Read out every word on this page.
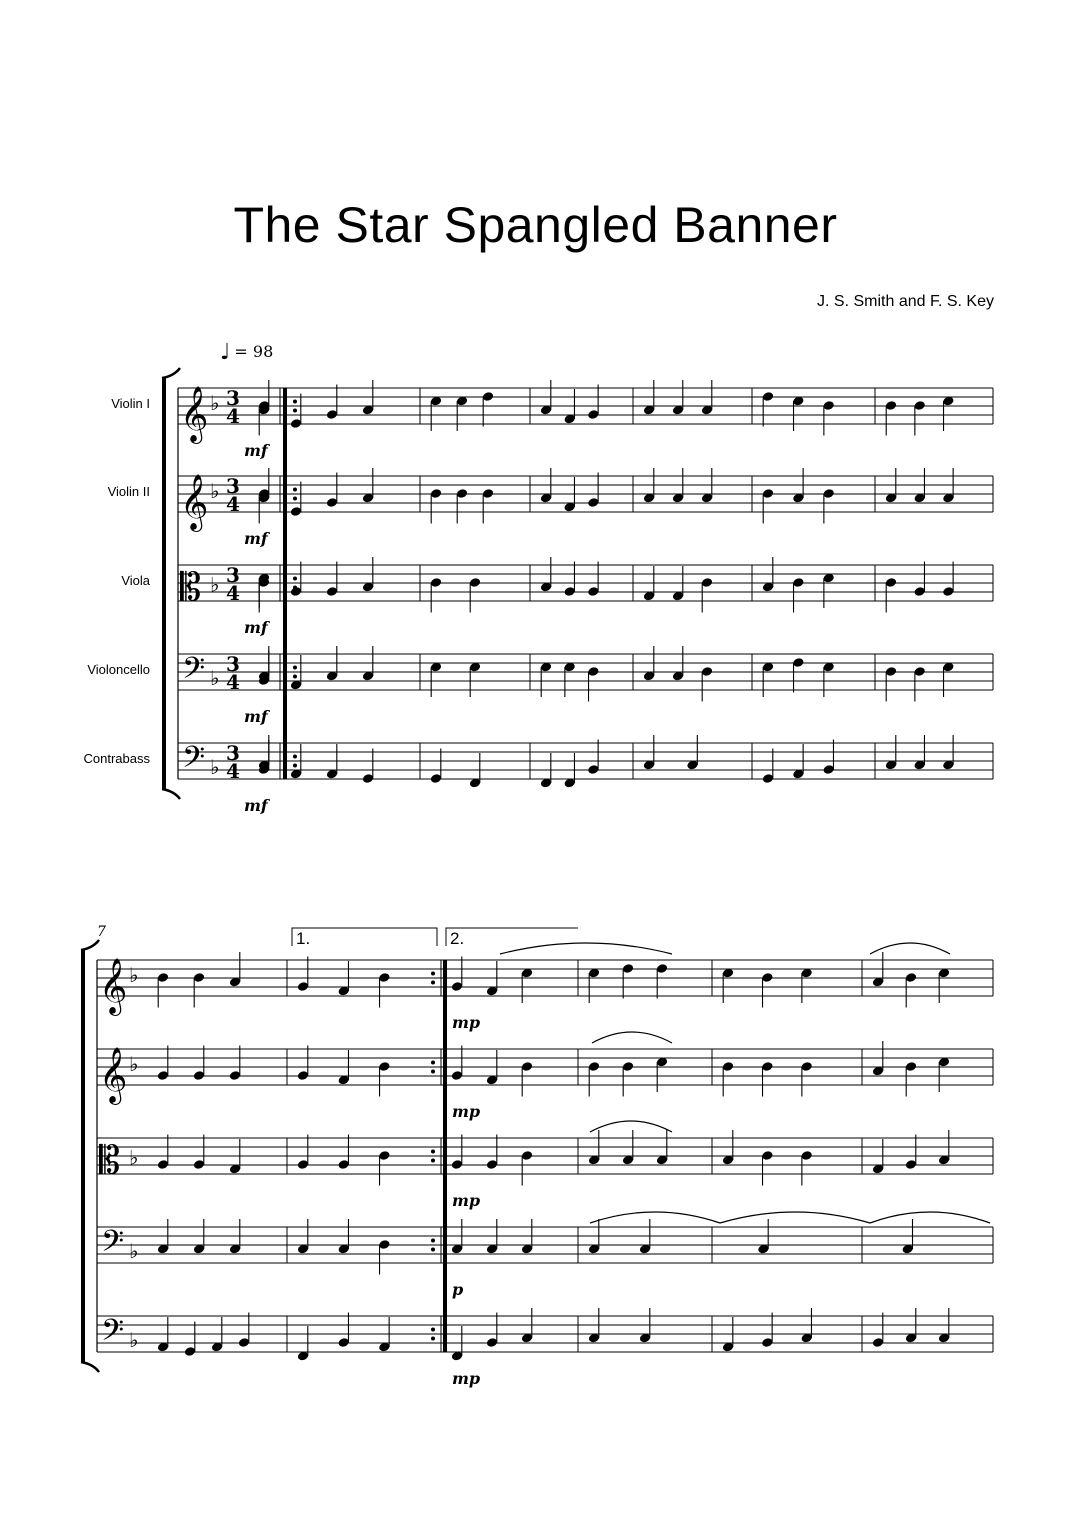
The Star Spangled Banner
J. S. Smith and F. S. Key
♩ = 98
Violin I
Violin II
Viola
Violoncello
Contrabass
7	1.	2.
3
4
3
4
3
4
3
4
3
4
𝄞 ♭
𝄞 ♭
𝄡 ♭
𝄢 ♭
𝄢 ♭
𝄞 ♭
𝄞 ♭
𝄡 ♭
𝄢 ♭
𝄢 ♭
mf
mf
mf
mf
mf
mp
mp
mp
p
mp
